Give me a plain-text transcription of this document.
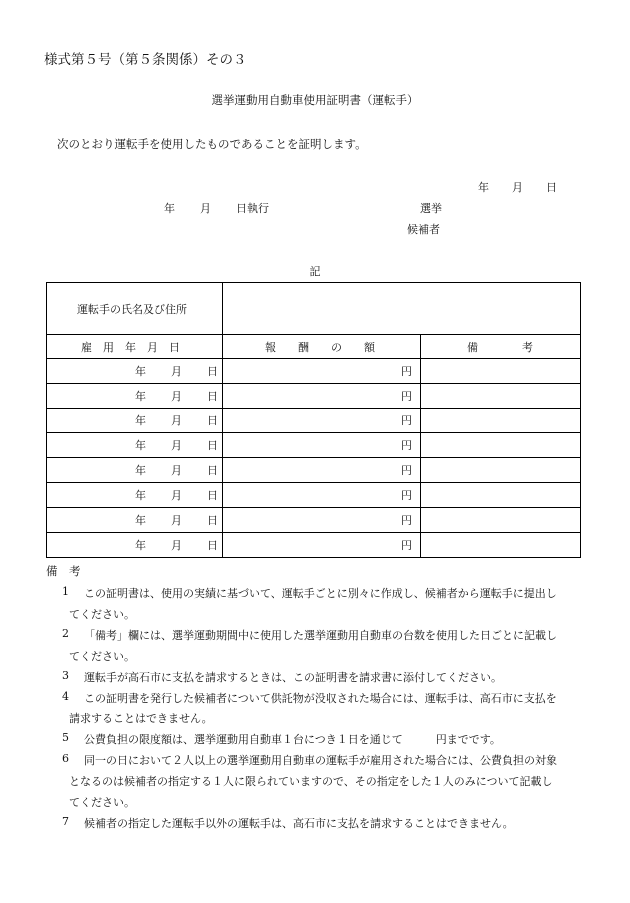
様式第５号（第５条関係）その３
選挙運動用自動車使用証明書（運転手）
次のとおり運転手を使用したものであることを証明します。
年 月 日
年 月 日執行	選挙
候補者
記
運転手の氏名及び住所
雇　用　年　月　日	報　　酬　　の　　額	備　　　　考
年 月 日	円
年 月 日	円
年 月 日	円
年 月 日	円
年 月 日	円
年 月 日	円
年 月 日	円
年 月 日	円
備　考
1 この証明書は、使用の実績に基づいて、運転手ごとに別々に作成し、候補者から運転手に提出し
てください。
2 「備考」欄には、選挙運動期間中に使用した選挙運動用自動車の台数を使用した日ごとに記載し
てください。
3 運転手が高石市に支払を請求するときは、この証明書を請求書に添付してください。
4 この証明書を発行した候補者について供託物が没収された場合には、運転手は、高石市に支払を
請求することはできません。
5 公費負担の限度額は、選挙運動用自動車１台につき１日を通じて　　　円までです。
6 同一の日において２人以上の選挙運動用自動車の運転手が雇用された場合には、公費負担の対象
となるのは候補者の指定する１人に限られていますので、その指定をした１人のみについて記載し
てください。
7 候補者の指定した運転手以外の運転手は、高石市に支払を請求することはできません。
